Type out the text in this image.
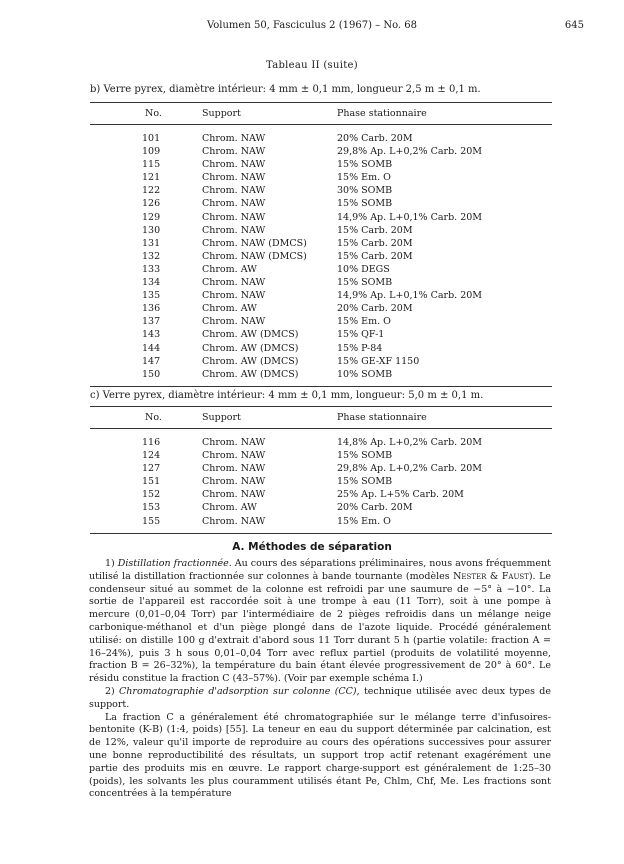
Volumen 50, Fasciculus 2 (1967) – No. 68	645
Tableau II (suite)
b) Verre pyrex, diamètre intérieur: 4 mm ± 0,1 mm, longueur 2,5 m ± 0,1 m.
No.	Support	Phase stationnaire
101	Chrom. NAW	20% Carb. 20M
109	Chrom. NAW	29,8% Ap. L+0,2% Carb. 20M
115	Chrom. NAW	15% SOMB
121	Chrom. NAW	15% Em. O
122	Chrom. NAW	30% SOMB
126	Chrom. NAW	15% SOMB
129	Chrom. NAW	14,9% Ap. L+0,1% Carb. 20M
130	Chrom. NAW	15% Carb. 20M
131	Chrom. NAW (DMCS)	15% Carb. 20M
132	Chrom. NAW (DMCS)	15% Carb. 20M
133	Chrom. AW	10% DEGS
134	Chrom. NAW	15% SOMB
135	Chrom. NAW	14,9% Ap. L+0,1% Carb. 20M
136	Chrom. AW	20% Carb. 20M
137	Chrom. NAW	15% Em. O
143	Chrom. AW (DMCS)	15% QF-1
144	Chrom. AW (DMCS)	15% P-84
147	Chrom. AW (DMCS)	15% GE-XF 1150
150	Chrom. AW (DMCS)	10% SOMB
c) Verre pyrex, diamètre intérieur: 4 mm ± 0,1 mm, longueur: 5,0 m ± 0,1 m.
No.	Support	Phase stationnaire
116	Chrom. NAW	14,8% Ap. L+0,2% Carb. 20M
124	Chrom. NAW	15% SOMB
127	Chrom. NAW	29,8% Ap. L+0,2% Carb. 20M
151	Chrom. NAW	15% SOMB
152	Chrom. NAW	25% Ap. L+5% Carb. 20M
153	Chrom. AW	20% Carb. 20M
155	Chrom. NAW	15% Em. O
A. Méthodes de séparation

1) Distillation fractionnée. Au cours des séparations préliminaires, nous avons fréquemment utilisé la distillation fractionnée sur colonnes à bande tournante (modèles Nester & Faust). Le condenseur situé au sommet de la colonne est refroidi par une saumure de −5° à −10°. La sortie de l'appareil est raccordée soit à une trompe à eau (11 Torr), soit à une pompe à mercure (0,01–0,04 Torr) par l'intermédiaire de 2 pièges refroidis dans un mélange neige carbonique-méthanol et d'un piège plongé dans de l'azote liquide. Procédé généralement utilisé: on distille 100 g d'extrait d'abord sous 11 Torr durant 5 h (partie volatile: fraction A = 16–24%), puis 3 h sous 0,01–0,04 Torr avec reflux partiel (produits de volatilité moyenne, fraction B = 26–32%), la température du bain étant élevée progressivement de 20° à 60°. Le résidu constitue la fraction C (43–57%). (Voir par exemple schéma I.)

2) Chromatographie d'adsorption sur colonne (CC), technique utilisée avec deux types de support.

La fraction C a généralement été chromatographiée sur le mélange terre d'infusoires-bentonite (K-B) (1:4, poids) [55]. La teneur en eau du support déterminée par calcination, est de 12%, valeur qu'il importe de reproduire au cours des opérations successives pour assurer une bonne reproductibilité des résultats, un support trop actif retenant exagérément une partie des produits mis en œuvre. Le rapport charge-support est généralement de 1:25–30 (poids), les solvants les plus couramment utilisés étant Pe, Chlm, Chf, Me. Les fractions sont concentrées à la température
